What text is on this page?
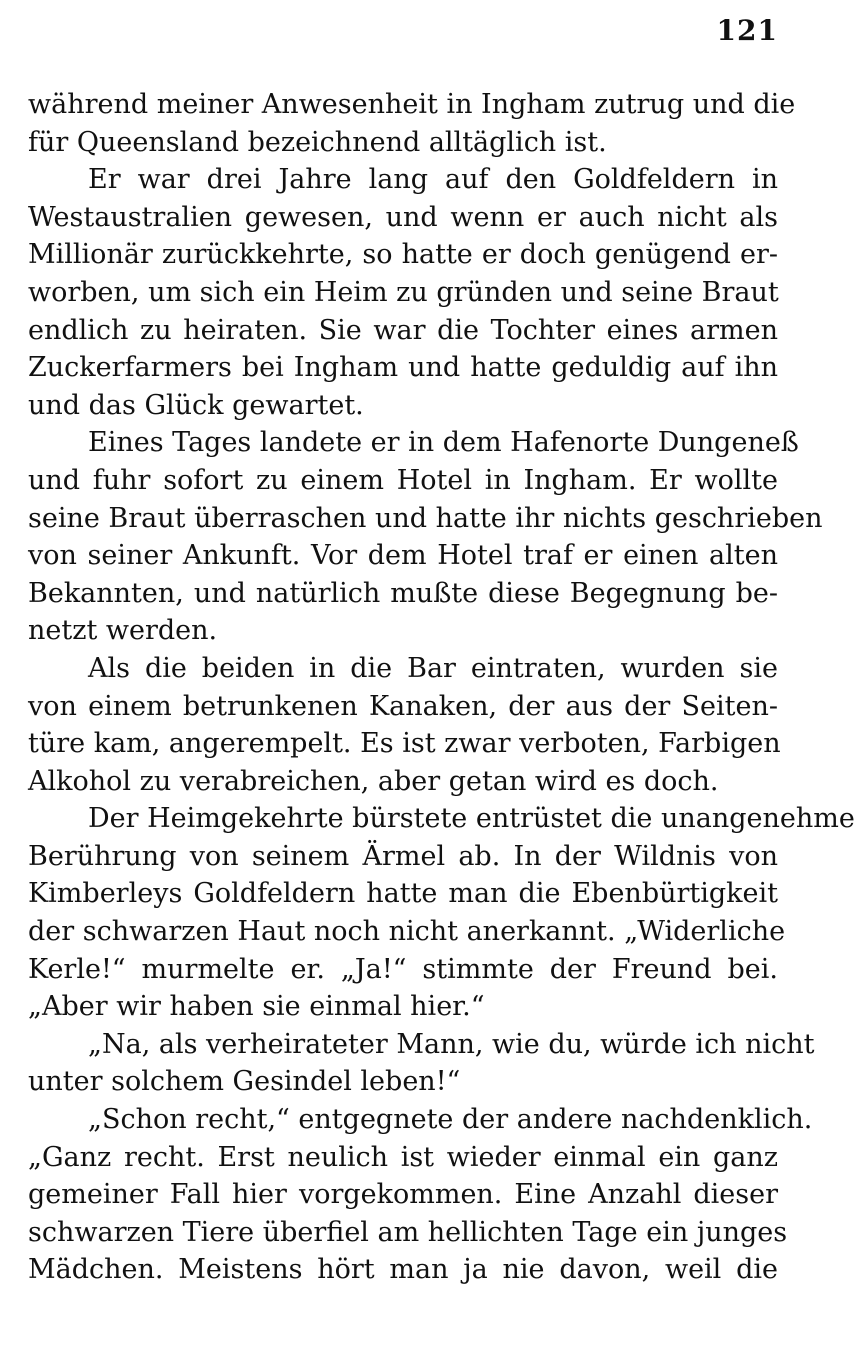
121
während meiner Anwesenheit in Ingham zutrug und die
für Queensland bezeichnend alltäglich ist.
Er war drei Jahre lang auf den Goldfeldern in
Westaustralien gewesen, und wenn er auch nicht als
Millionär zurückkehrte, so hatte er doch genügend er-
worben, um sich ein Heim zu gründen und seine Braut
endlich zu heiraten. Sie war die Tochter eines armen
Zuckerfarmers bei Ingham und hatte geduldig auf ihn
und das Glück gewartet.
Eines Tages landete er in dem Hafenorte Dungeneß
und fuhr sofort zu einem Hotel in Ingham. Er wollte
seine Braut überraschen und hatte ihr nichts geschrieben
von seiner Ankunft. Vor dem Hotel traf er einen alten
Bekannten, und natürlich mußte diese Begegnung be-
netzt werden.
Als die beiden in die Bar eintraten, wurden sie
von einem betrunkenen Kanaken, der aus der Seiten-
türe kam, angerempelt. Es ist zwar verboten, Farbigen
Alkohol zu verabreichen, aber getan wird es doch.
Der Heimgekehrte bürstete entrüstet die unangenehme
Berührung von seinem Ärmel ab. In der Wildnis von
Kimberleys Goldfeldern hatte man die Ebenbürtigkeit
der schwarzen Haut noch nicht anerkannt. „Widerliche
Kerle!“ murmelte er. „Ja!“ stimmte der Freund bei.
„Aber wir haben sie einmal hier.“
„Na, als verheirateter Mann, wie du, würde ich nicht
unter solchem Gesindel leben!“
„Schon recht,“ entgegnete der andere nachdenklich.
„Ganz recht. Erst neulich ist wieder einmal ein ganz
gemeiner Fall hier vorgekommen. Eine Anzahl dieser
schwarzen Tiere überfiel am hellichten Tage ein junges
Mädchen. Meistens hört man ja nie davon, weil die
